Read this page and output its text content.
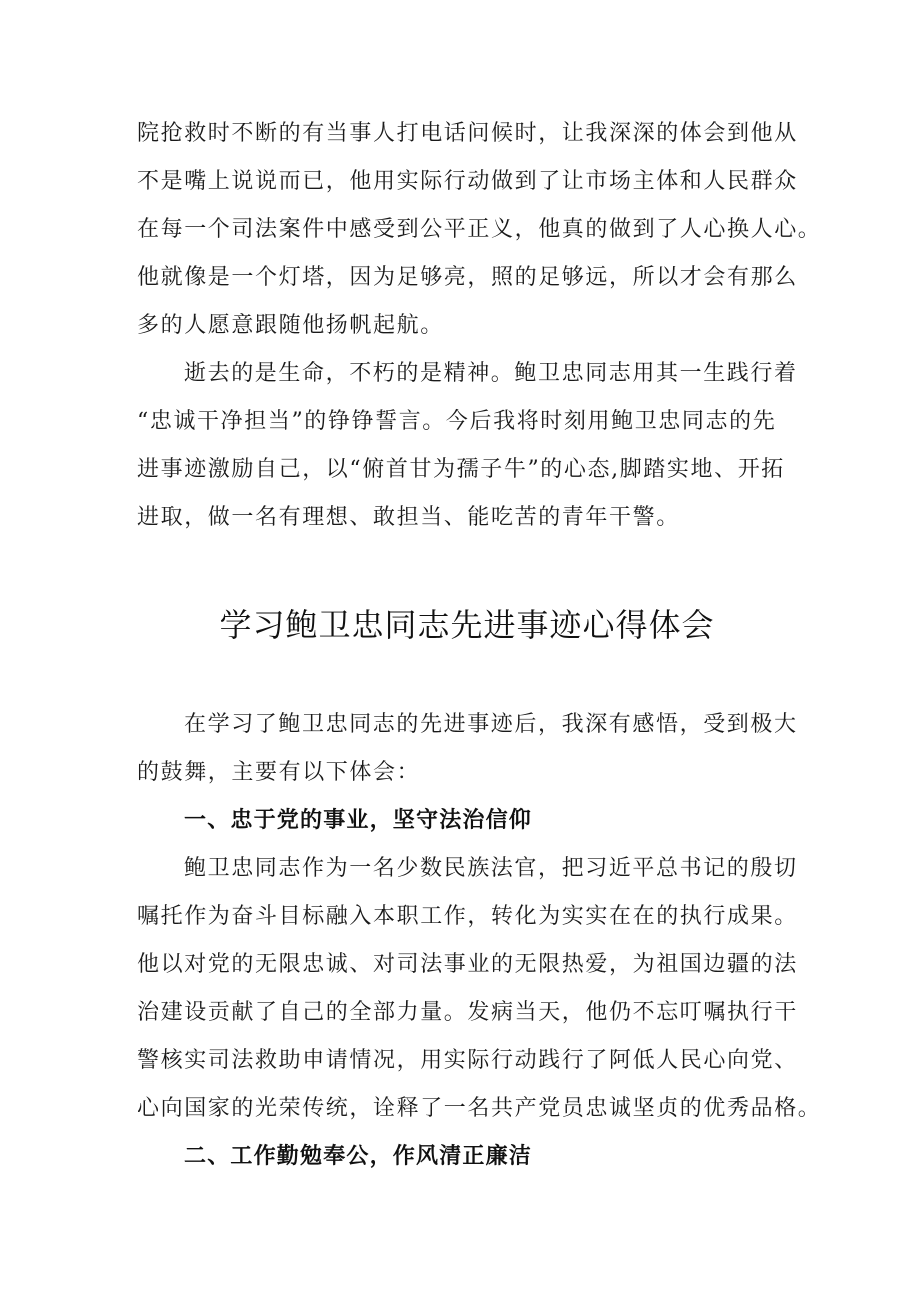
院抢救时不断的有当事人打电话问候时，让我深深的体会到他从
不是嘴上说说而已，他用实际行动做到了让市场主体和人民群众
在每一个司法案件中感受到公平正义，他真的做到了人心换人心。
他就像是一个灯塔，因为足够亮，照的足够远，所以才会有那么
多的人愿意跟随他扬帆起航。

逝去的是生命，不朽的是精神。鲍卫忠同志用其一生践行着
“忠诚干净担当”的铮铮誓言。今后我将时刻用鲍卫忠同志的先
进事迹激励自己，以“俯首甘为孺子牛”的心态,脚踏实地、开拓
进取，做一名有理想、敢担当、能吃苦的青年干警。

学习鲍卫忠同志先进事迹心得体会

在学习了鲍卫忠同志的先进事迹后，我深有感悟，受到极大
的鼓舞，主要有以下体会：

一、忠于党的事业，坚守法治信仰

鲍卫忠同志作为一名少数民族法官，把习近平总书记的殷切
嘱托作为奋斗目标融入本职工作，转化为实实在在的执行成果。
他以对党的无限忠诚、对司法事业的无限热爱，为祖国边疆的法
治建设贡献了自己的全部力量。发病当天，他仍不忘叮嘱执行干
警核实司法救助申请情况，用实际行动践行了阿低人民心向党、
心向国家的光荣传统，诠释了一名共产党员忠诚坚贞的优秀品格。

二、工作勤勉奉公，作风清正廉洁
